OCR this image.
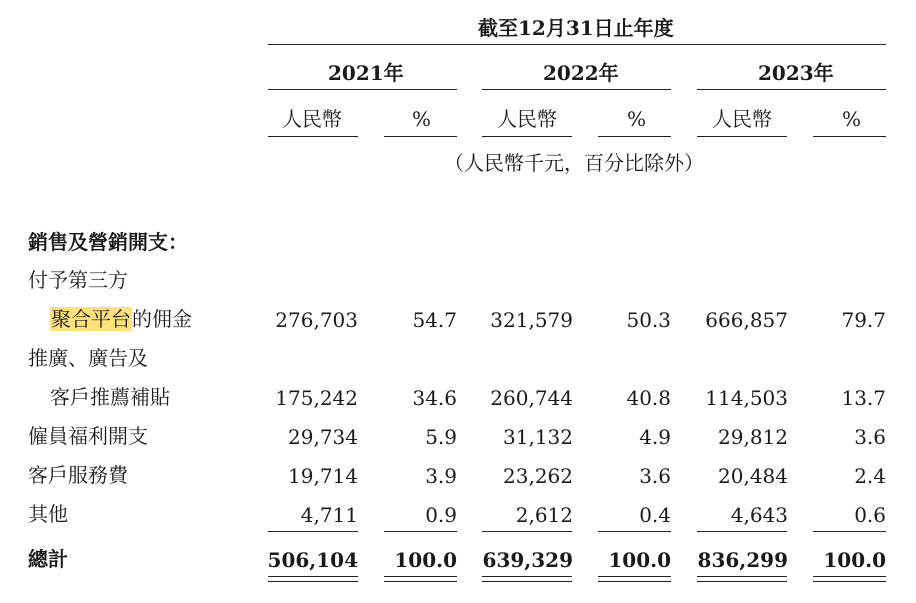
截至12月31日止年度
2021年	2022年	2023年
人民幣	%	人民幣	%	人民幣	%
（人民幣千元，百分比除外）
銷售及營銷開支：
付予第三方
聚合平台的佣金	276,703	54.7 321,579	50.3 666,857	79.7
推廣、廣告及
客戶推薦補貼	175,242	34.6 260,744	40.8 114,503	13.7
僱員福利開支	29,734	5.9 31,132	4.9 29,812	3.6
客戶服務費	19,714	3.9 23,262	3.6 20,484	2.4
其他	4,711	0.9	2,612	0.4	4,643	0.6
總計	506,104 100.0 639,329 100.0 836,299 100.0
